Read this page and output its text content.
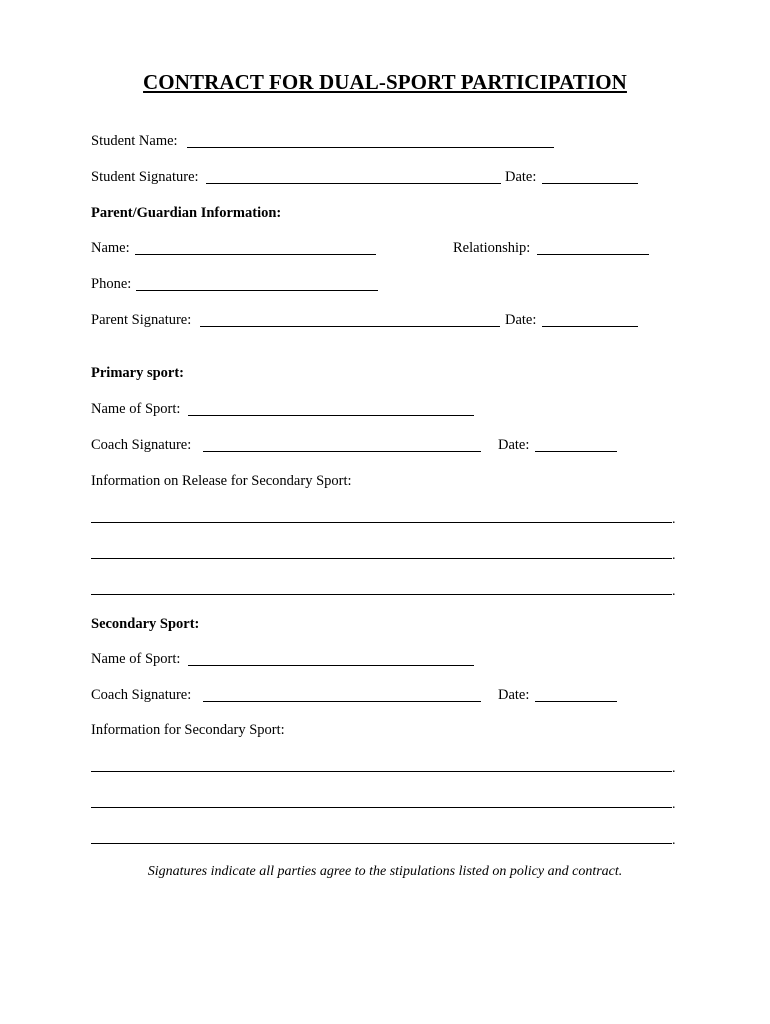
CONTRACT FOR DUAL-SPORT PARTICIPATION
Student Name:
Student Signature:	Date:
Parent/Guardian Information:
Name:	Relationship:
Phone:
Parent Signature:	Date:
Primary sport:
Name of Sport:
Coach Signature:	Date:
Information on Release for Secondary Sport:
.
.
.
Secondary Sport:
Name of Sport:
Coach Signature:	Date:
Information for Secondary Sport:
.
.
.
Signatures indicate all parties agree to the stipulations listed on policy and contract.
